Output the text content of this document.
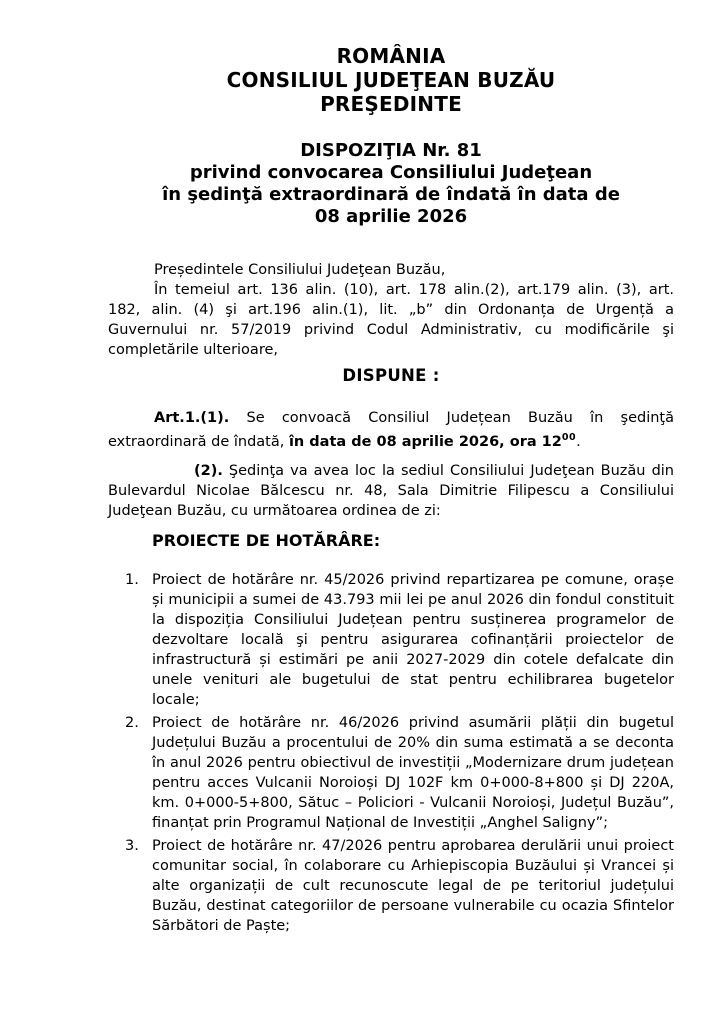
ROMÂNIA
CONSILIUL JUDEŢEAN BUZĂU
PREŞEDINTE
DISPOZIŢIA Nr. 81
privind convocarea Consiliului Judeţean
în şedinţă extraordinară de îndată în data de
08 aprilie 2026

Președintele Consiliului Judeţean Buzău,

În temeiul art. 136 alin. (10), art. 178 alin.(2), art.179 alin. (3), art. 182, alin. (4) şi art.196 alin.(1), lit. „b” din Ordonanța de Urgență a Guvernului nr. 57/2019 privind Codul Administrativ, cu modificările şi completările ulterioare,

DISPUNE :

Art.1.(1). Se convoacă Consiliul Județean Buzău în şedinţă extraordinară de îndată, în data de 08 aprilie 2026, ora $12^{00}$.

(2). Şedinţa va avea loc la sediul Consiliului Judeţean Buzău din Bulevardul Nicolae Bălcescu nr. 48, Sala Dimitrie Filipescu a Consiliului Judeţean Buzău, cu următoarea ordinea de zi:

PROIECTE DE HOTĂRÂRE:
1. Proiect de hotărâre nr. 45/2026 privind repartizarea pe comune, orașe și municipii a sumei de 43.793 mii lei pe anul 2026 din fondul constituit la dispoziția Consiliului Județean pentru susținerea programelor de dezvoltare locală şi pentru asigurarea cofinanțării proiectelor de infrastructură și estimări pe anii 2027-2029 din cotele defalcate din unele venituri ale bugetului de stat pentru echilibrarea bugetelor locale;
2. Proiect de hotărâre nr. 46/2026 privind asumării plății din bugetul Județului Buzău a procentului de 20% din suma estimată a se deconta în anul 2026 pentru obiectivul de investiții „Modernizare drum județean pentru acces Vulcanii Noroioși DJ 102F km 0+000-8+800 și DJ 220A, km. 0+000-5+800, Sătuc – Policiori - Vulcanii Noroioși, Județul Buzău”, finanțat prin Programul Național de Investiții „Anghel Saligny”;
3. Proiect de hotărâre nr. 47/2026 pentru aprobarea derulării unui proiect comunitar social, în colaborare cu Arhiepiscopia Buzăului și Vrancei și alte organizații de cult recunoscute legal de pe teritoriul județului Buzău, destinat categoriilor de persoane vulnerabile cu ocazia Sfintelor Sărbători de Paște;
